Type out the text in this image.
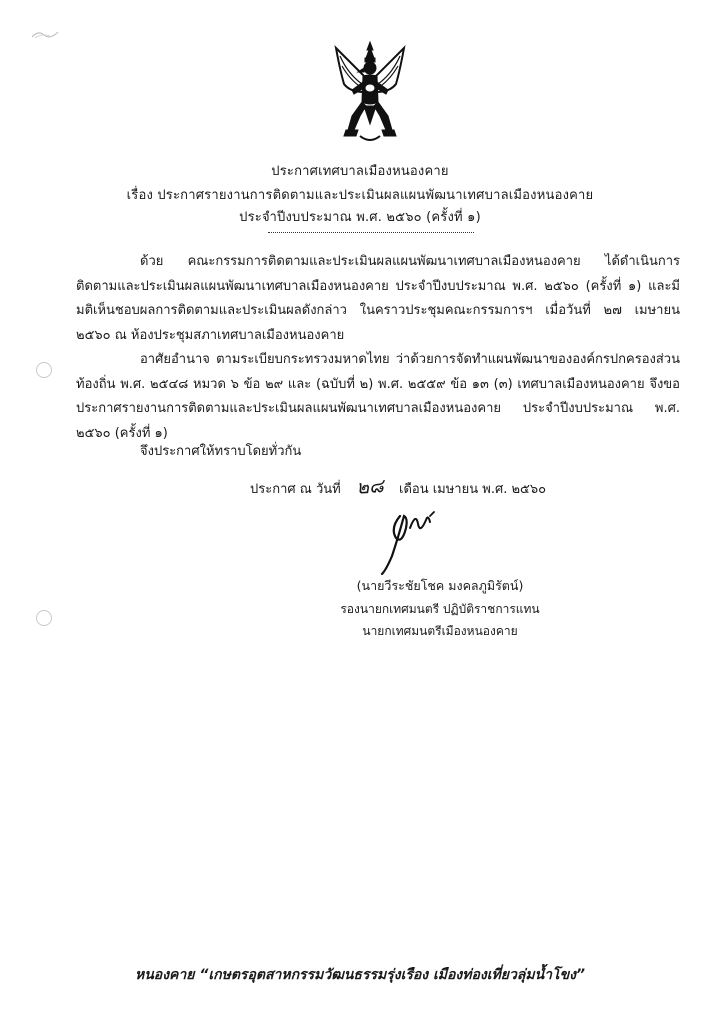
ประกาศเทศบาลเมืองหนองคาย
เรื่อง ประกาศรายงานการติดตามและประเมินผลแผนพัฒนาเทศบาลเมืองหนองคาย
ประจำปีงบประมาณ พ.ศ. ๒๕๖๐ (ครั้งที่ ๑)
ด้วย คณะกรรมการติดตามและประเมินผลแผนพัฒนาเทศบาลเมืองหนองคาย ได้ดำเนินการติดตามและประเมินผลแผนพัฒนาเทศบาลเมืองหนองคาย ประจำปีงบประมาณ พ.ศ. ๒๕๖๐ (ครั้งที่ ๑) และมีมติเห็นชอบผลการติดตามและประเมินผลดังกล่าว ในคราวประชุมคณะกรรมการฯ เมื่อวันที่ ๒๗ เมษายน ๒๕๖๐ ณ ห้องประชุมสภาเทศบาลเมืองหนองคาย
อาศัยอำนาจ ตามระเบียบกระทรวงมหาดไทย ว่าด้วยการจัดทำแผนพัฒนาขององค์กรปกครองส่วนท้องถิ่น พ.ศ. ๒๕๔๘ หมวด ๖ ข้อ ๒๙ และ (ฉบับที่ ๒) พ.ศ. ๒๕๕๙ ข้อ ๑๓ (๓) เทศบาลเมืองหนองคาย จึงขอประกาศรายงานการติดตามและประเมินผลแผนพัฒนาเทศบาลเมืองหนองคาย ประจำปีงบประมาณ พ.ศ. ๒๕๖๐ (ครั้งที่ ๑)
จึงประกาศให้ทราบโดยทั่วกัน
ประกาศ ณ วันที่ ๒๘ เดือน เมษายน พ.ศ. ๒๕๖๐
(นายวีระชัยโชค มงคลภูมิรัตน์)
รองนายกเทศมนตรี ปฏิบัติราชการแทน
นายกเทศมนตรีเมืองหนองคาย
หนองคาย “เกษตรอุตสาหกรรมวัฒนธรรมรุ่งเรือง เมืองท่องเที่ยวลุ่มน้ำโขง”
